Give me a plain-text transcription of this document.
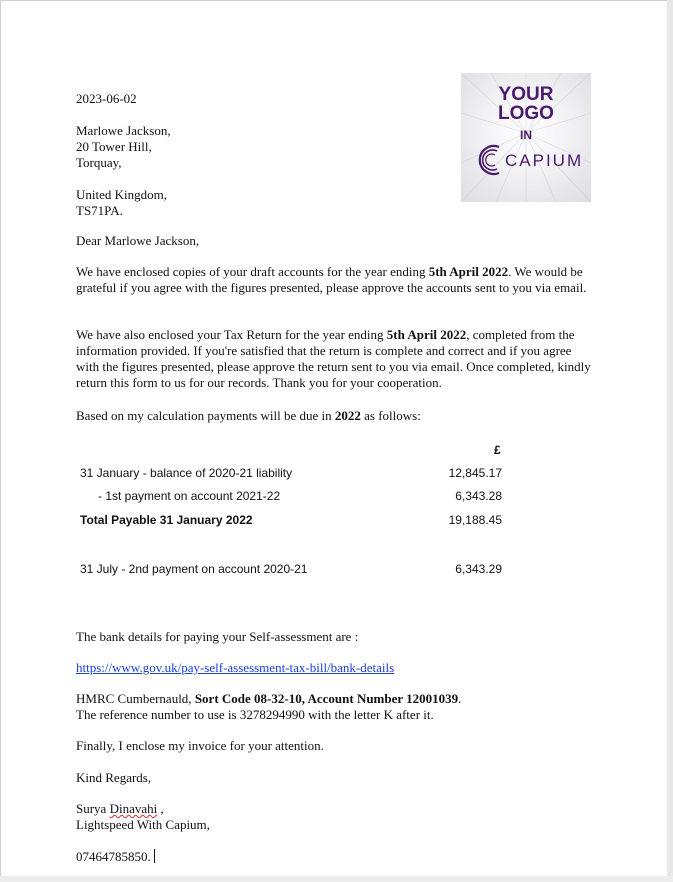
2023-06-02
Marlowe Jackson,
20 Tower Hill,
Torquay,
United Kingdom,
TS71PA.
YOUR
LOGO
IN
CAPIUM
Dear Marlowe Jackson,
We have enclosed copies of your draft accounts for the year ending 5th April 2022. We would be grateful if you agree with the figures presented, please approve the accounts sent to you via email.
We have also enclosed your Tax Return for the year ending 5th April 2022, completed from the information provided. If you're satisfied that the return is complete and correct and if you agree with the figures presented, please approve the return sent to you via email. Once completed, kindly return this form to us for our records. Thank you for your cooperation.
Based on my calculation payments will be due in 2022 as follows:
£
31 January - balance of 2020-21 liability	12,845.17
- 1st payment on account 2021-22	6,343.28
Total Payable 31 January 2022	19,188.45
31 July - 2nd payment on account 2020-21	6,343.29
The bank details for paying your Self-assessment are :
https://www.gov.uk/pay-self-assessment-tax-bill/bank-details
HMRC Cumbernauld, Sort Code 08-32-10, Account Number 12001039.
The reference number to use is 3278294990 with the letter K after it.
Finally, I enclose my invoice for your attention.
Kind Regards,
Surya Dinavahi ,
Lightspeed With Capium,
07464785850.
